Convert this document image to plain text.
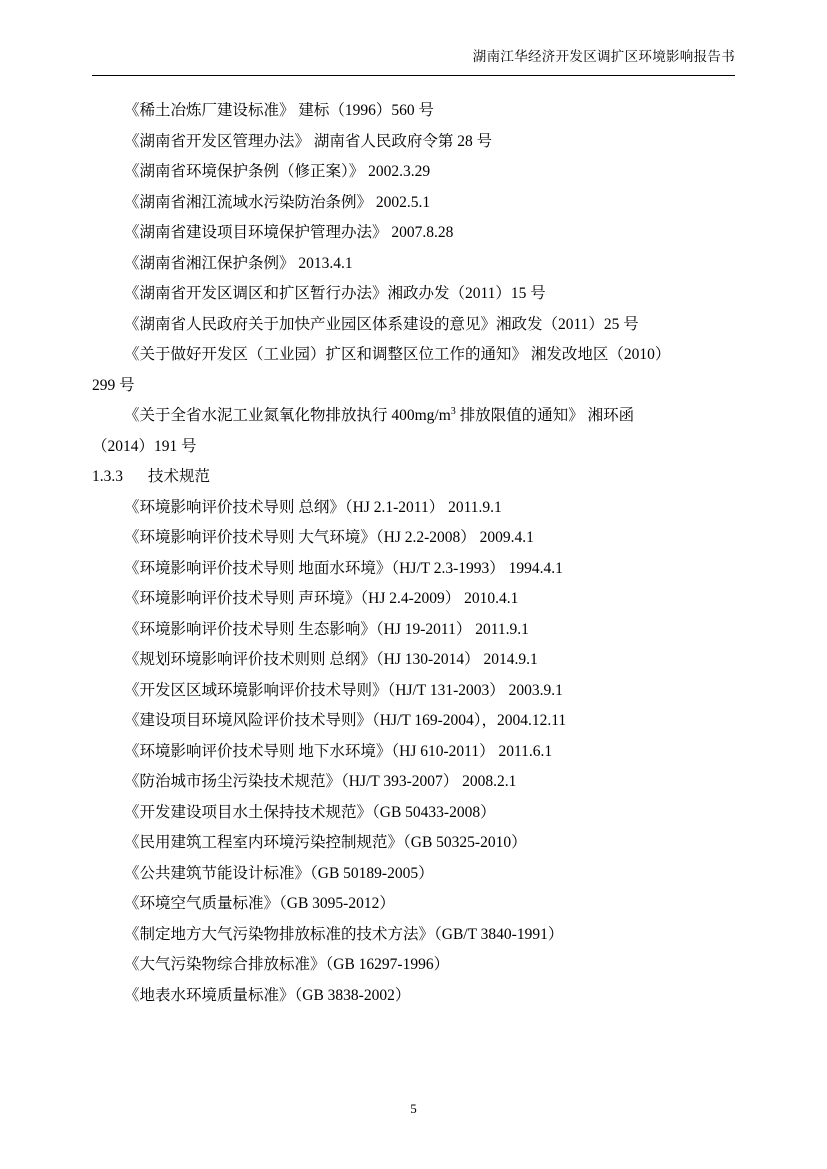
湖南江华经济开发区调扩区环境影响报告书
《稀土冶炼厂建设标准》 建标（1996）560 号
《湖南省开发区管理办法》 湖南省人民政府令第 28 号
《湖南省环境保护条例（修正案）》 2002.3.29
《湖南省湘江流域水污染防治条例》 2002.5.1
《湖南省建设项目环境保护管理办法》 2007.8.28
《湖南省湘江保护条例》 2013.4.1
《湖南省开发区调区和扩区暂行办法》湘政办发（2011）15 号
《湖南省人民政府关于加快产业园区体系建设的意见》湘政发（2011）25 号
《关于做好开发区（工业园）扩区和调整区位工作的通知》 湘发改地区（2010）
299 号
《关于全省水泥工业氮氧化物排放执行 $400mg/m^3$ 排放限值的通知》 湘环函
（2014）191 号
1.3.3 技术规范
《环境影响评价技术导则 总纲》（HJ 2.1-2011） 2011.9.1
《环境影响评价技术导则 大气环境》（HJ 2.2-2008） 2009.4.1
《环境影响评价技术导则 地面水环境》（HJ/T 2.3-1993） 1994.4.1
《环境影响评价技术导则 声环境》（HJ 2.4-2009） 2010.4.1
《环境影响评价技术导则 生态影响》（HJ 19-2011） 2011.9.1
《规划环境影响评价技术则则 总纲》（HJ 130-2014） 2014.9.1
《开发区区域环境影响评价技术导则》（HJ/T 131-2003） 2003.9.1
《建设项目环境风险评价技术导则》（HJ/T 169-2004），2004.12.11
《环境影响评价技术导则 地下水环境》（HJ 610-2011） 2011.6.1
《防治城市扬尘污染技术规范》（HJ/T 393-2007） 2008.2.1
《开发建设项目水土保持技术规范》（GB 50433-2008）
《民用建筑工程室内环境污染控制规范》（GB 50325-2010）
《公共建筑节能设计标准》（GB 50189-2005）
《环境空气质量标准》（GB 3095-2012）
《制定地方大气污染物排放标准的技术方法》（GB/T 3840-1991）
《大气污染物综合排放标准》（GB 16297-1996）
《地表水环境质量标准》（GB 3838-2002）
5
